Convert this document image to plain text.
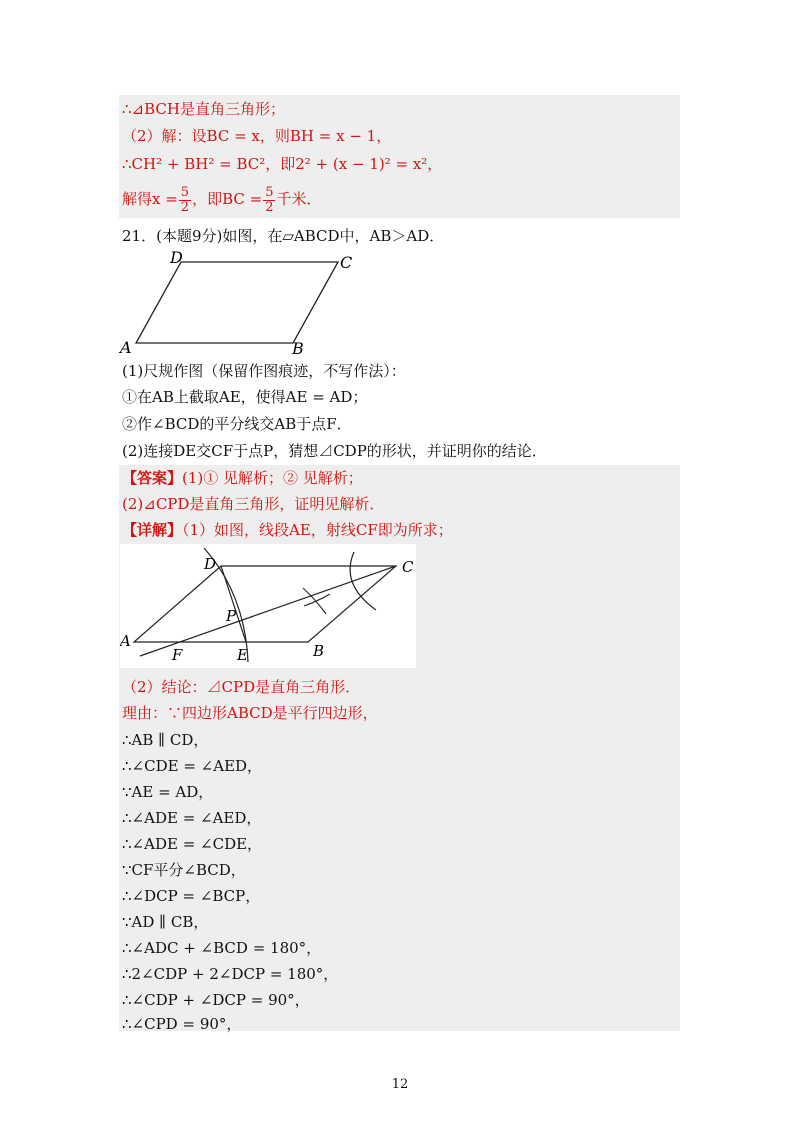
∴⊿BCH是直角三角形；
（2）解：设BC = x，则BH = x − 1，
∴CH² + BH² = BC²，即2² + (x − 1)² = x²，
解得$x = \frac{5}{2}$ ，即BC = $\frac{5}{2}$ 千米．
21．(本题9分)如图，在▱ABCD中，AB＞AD．
D	C
A	B
(1)尺规作图（保留作图痕迹，不写作法）：
①在AB上截取AE，使得AE = AD；
②作∠BCD的平分线交AB于点F．
(2)连接DE交CF于点P，猜想⊿CDP的形状，并证明你的结论．
【答案】(1)① 见解析；② 见解析；
(2)⊿CPD是直角三角形，证明见解析．
【详解】（1）如图，线段AE，射线CF即为所求；
D	C
A
P
F	E	B
（2）结论：⊿CPD是直角三角形．
理由：∵四边形ABCD是平行四边形，
∴AB ∥ CD，
∴∠CDE = ∠AED，
∵AE = AD，
∴∠ADE = ∠AED，
∴∠ADE = ∠CDE，
∵CF平分∠BCD，
∴∠DCP = ∠BCP，
∵AD ∥ CB，
∴∠ADC + ∠BCD = 180°，
∴2∠CDP + 2∠DCP = 180°，
∴∠CDP + ∠DCP = 90°，
∴∠CPD = 90°，
12
